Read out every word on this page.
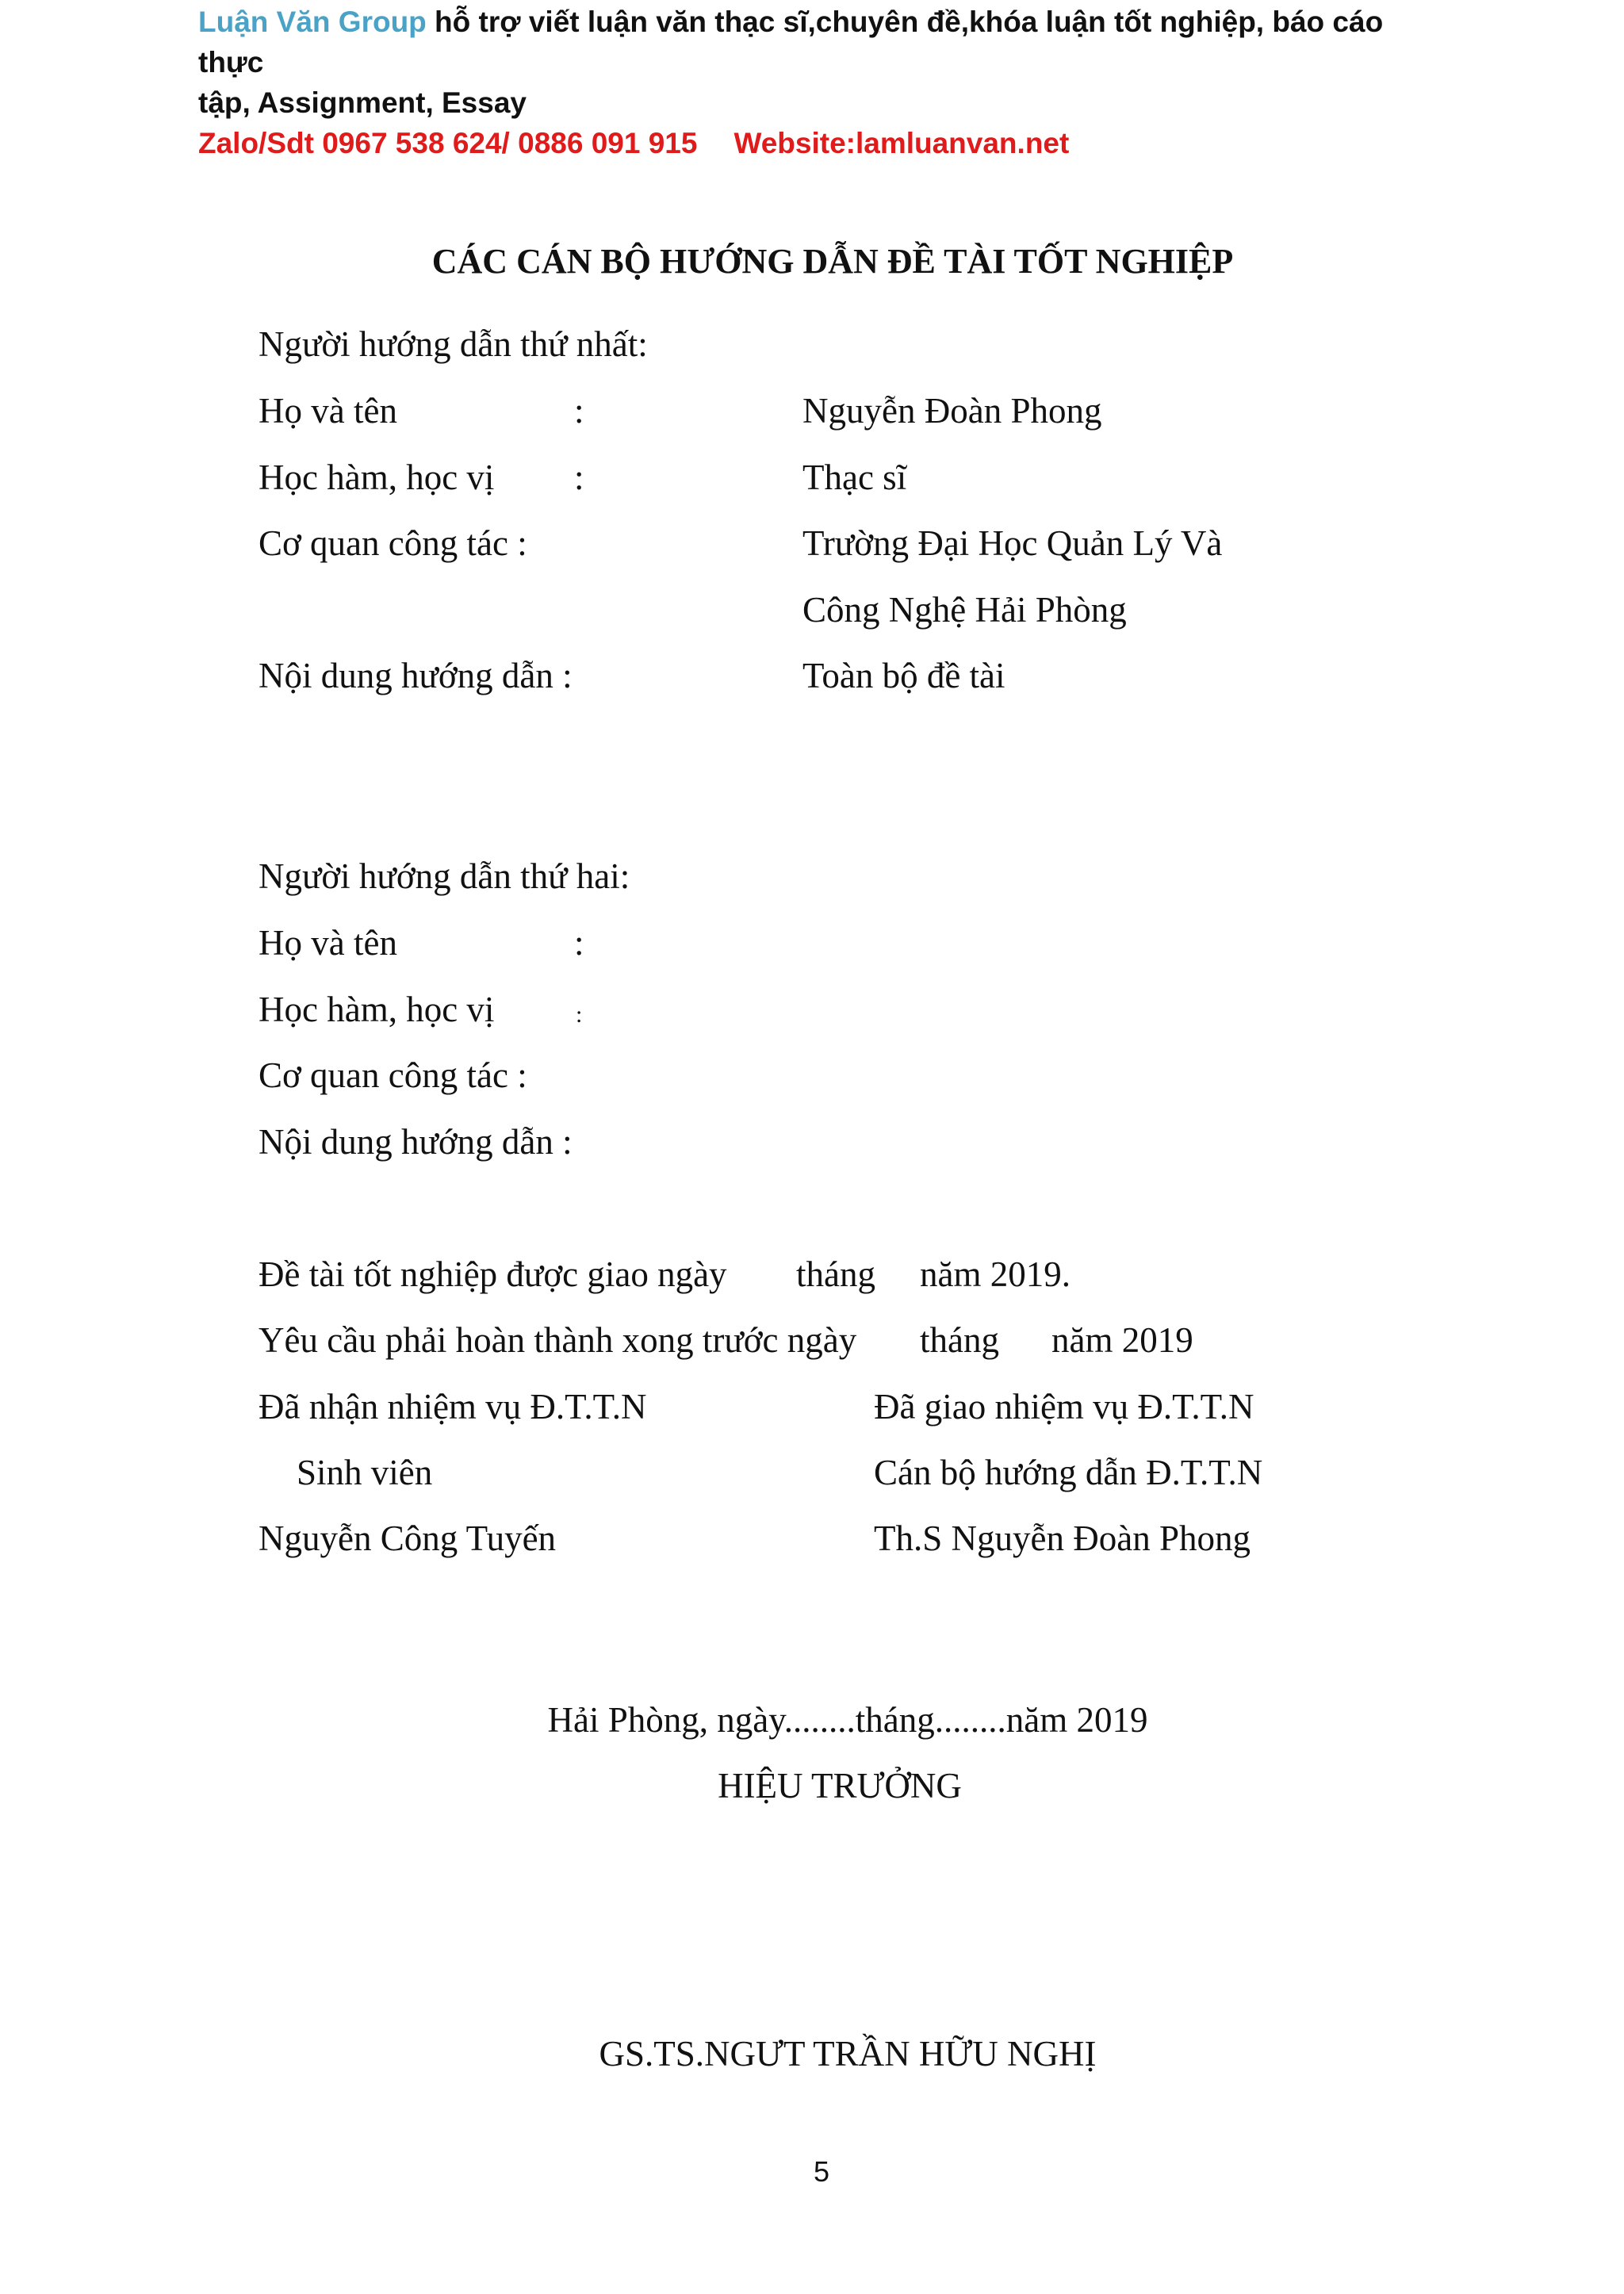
Luận Văn Group hỗ trợ viết luận văn thạc sĩ,chuyên đề,khóa luận tốt nghiệp, báo cáo thực
tập, Assignment, Essay
Zalo/Sdt 0967 538 624/ 0886 091 915 Website:lamluanvan.net
CÁC CÁN BỘ HƯỚNG DẪN ĐỀ TÀI TỐT NGHIỆP
Người hướng dẫn thứ nhất:
Họ và tên	:	Nguyễn Đoàn Phong
Học hàm, học vị :	Thạc sĩ
Cơ quan công tác :	Trường Đại Học Quản Lý Và
Công Nghệ Hải Phòng
Nội dung hướng dẫn :	Toàn bộ đề tài
Người hướng dẫn thứ hai:
Họ và tên	:
Học hàm, học vị	:
Cơ quan công tác :
Nội dung hướng dẫn :
Đề tài tốt nghiệp được giao ngày tháng năm 2019.
Yêu cầu phải hoàn thành xong trước ngày tháng năm 2019
Đã nhận nhiệm vụ Đ.T.T.N	Đã giao nhiệm vụ Đ.T.T.N
Sinh viên	Cán bộ hướng dẫn Đ.T.T.N
Nguyễn Công Tuyến	Th.S Nguyễn Đoàn Phong
Hải Phòng, ngày........tháng........năm 2019
HIỆU TRƯỞNG
GS.TS.NGƯT TRẦN HỮU NGHỊ
5
